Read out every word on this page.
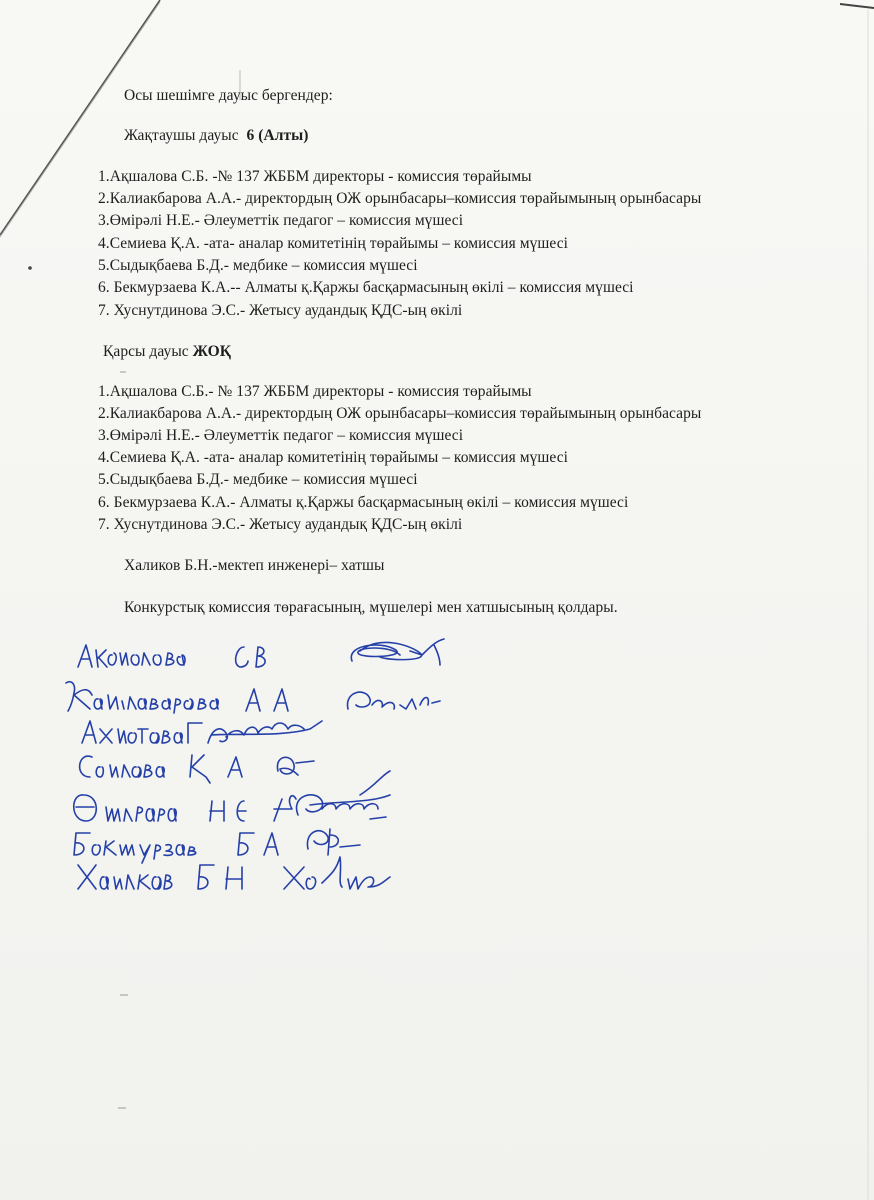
Осы шешімге дауыс бергендер:
Жақтаушы дауыс 6 (Алты)
1.Ақшалова С.Б. -№ 137 ЖББМ директоры - комиссия төрайымы
2.Калиакбарова А.А.- директордың ОЖ орынбасары–комиссия төрайымының орынбасары
3.Өмірәлі Н.Е.- Әлеуметтік педагог – комиссия мүшесі
4.Семиева Қ.А. -ата- аналар комитетінің төрайымы – комиссия мүшесі
5.Сыдықбаева Б.Д.- медбике – комиссия мүшесі
6. Бекмурзаева К.А.-- Алматы қ.Қаржы басқармасының өкілі – комиссия мүшесі
7. Хуснутдинова Э.С.- Жетысу аудандық ҚДС-ың өкілі
Қарсы дауыс ЖОҚ
1.Ақшалова С.Б.- № 137 ЖББМ директоры - комиссия төрайымы
2.Калиакбарова А.А.- директордың ОЖ орынбасары–комиссия төрайымының орынбасары
3.Өмірәлі Н.Е.- Әлеуметтік педагог – комиссия мүшесі
4.Семиева Қ.А. -ата- аналар комитетінің төрайымы – комиссия мүшесі
5.Сыдықбаева Б.Д.- медбике – комиссия мүшесі
6. Бекмурзаева К.А.- Алматы қ.Қаржы басқармасының өкілі – комиссия мүшесі
7. Хуснутдинова Э.С.- Жетысу аудандық ҚДС-ың өкілі
Халиков Б.Н.-мектеп инженері– хатшы
Конкурстық комиссия төрағасының, мүшелері мен хатшысының қолдары.
